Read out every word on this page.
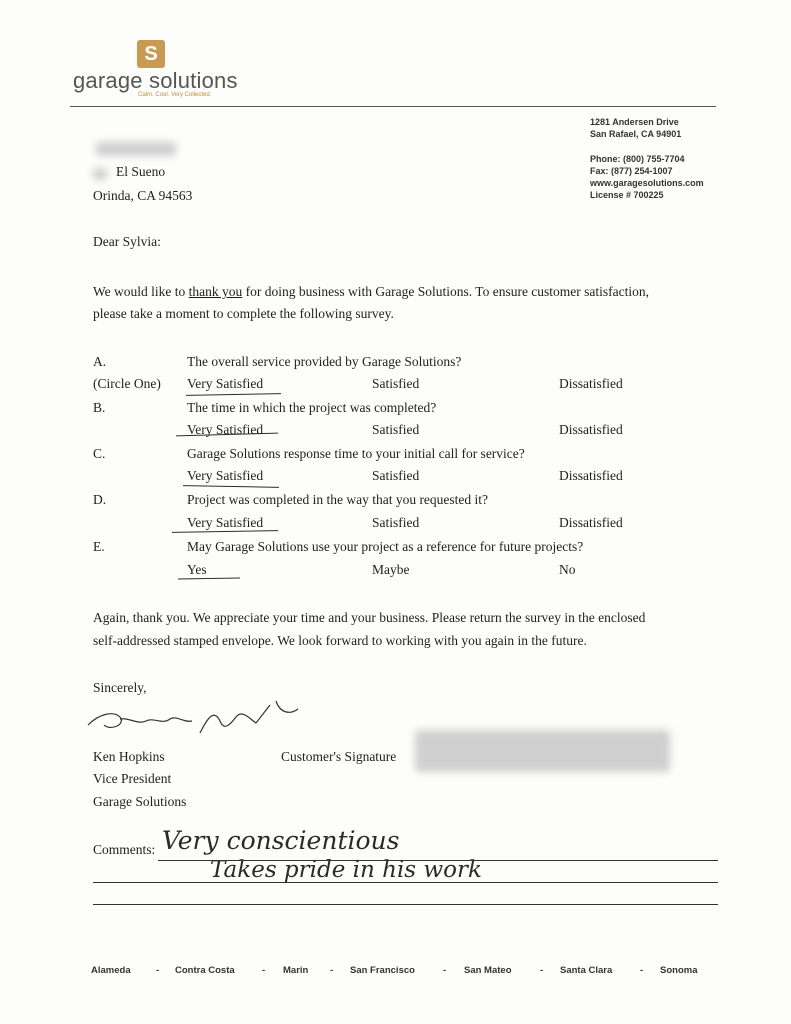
S
garage solutions
Calm. Cool. Very Collected.
1281 Andersen Drive
San Rafael, CA 94901
Phone: (800) 755-7704
Fax: (877) 254-1007
www.garagesolutions.com
License # 700225
El Sueno
Orinda, CA 94563
Dear Sylvia:
We would like to thank you for doing business with Garage Solutions. To ensure customer satisfaction,
please take a moment to complete the following survey.
A.	The overall service provided by Garage Solutions?
(Circle One) Very Satisfied	Satisfied	Dissatisfied
B.	The time in which the project was completed?
Very Satisfied	Satisfied	Dissatisfied
C.	Garage Solutions response time to your initial call for service?
Very Satisfied	Satisfied	Dissatisfied
D.	Project was completed in the way that you requested it?
Very Satisfied	Satisfied	Dissatisfied
E.	May Garage Solutions use your project as a reference for future projects?
Yes	Maybe	No
Again, thank you. We appreciate your time and your business. Please return the survey in the enclosed
self-addressed stamped envelope. We look forward to working with you again in the future.
Sincerely,
Ken Hopkins
Vice President
Garage Solutions
Customer's Signature
Comments: Very conscientious
Takes pride in his work
Alameda	- Contra Costa	- Marin - San Francisco	- San Mateo	- Santa Clara	- Sonoma
